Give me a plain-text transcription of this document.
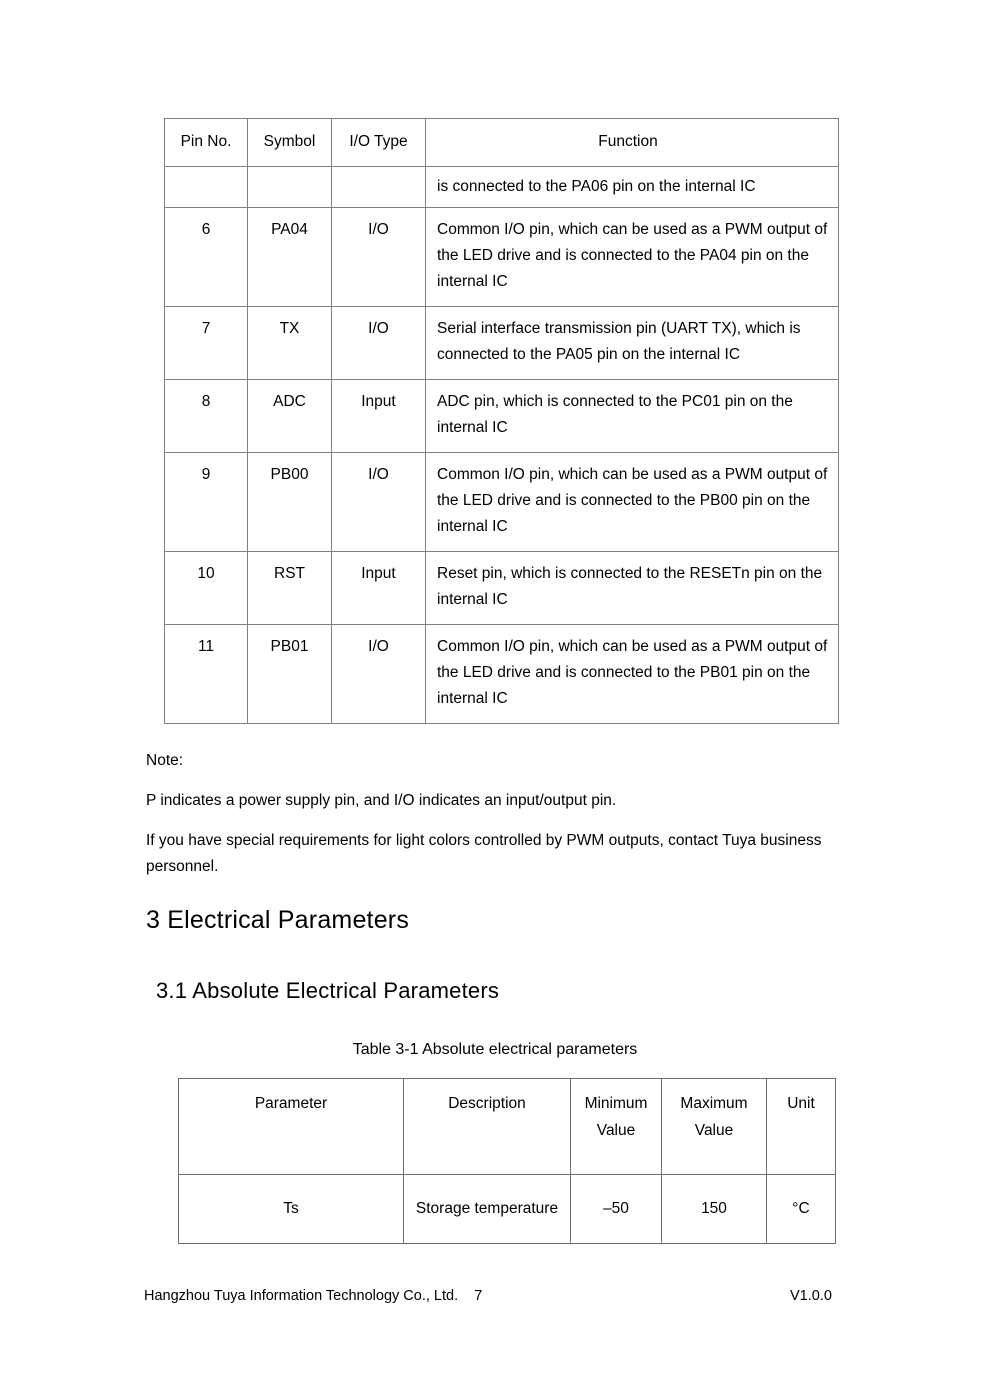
Pin No.	Symbol	I/O Type	Function
			is connected to the PA06 pin on the internal IC
6	PA04	I/O	Common I/O pin, which can be used as a PWM output of the LED drive and is connected to the PA04 pin on the internal IC
7	TX	I/O	Serial interface transmission pin (UART TX), which is connected to the PA05 pin on the internal IC
8	ADC	Input	ADC pin, which is connected to the PC01 pin on the internal IC
9	PB00	I/O	Common I/O pin, which can be used as a PWM output of the LED drive and is connected to the PB00 pin on the internal IC
10	RST	Input	Reset pin, which is connected to the RESETn pin on the internal IC
11	PB01	I/O	Common I/O pin, which can be used as a PWM output of the LED drive and is connected to the PB01 pin on the internal IC

Note:

P indicates a power supply pin, and I/O indicates an input/output pin.

If you have special requirements for light colors controlled by PWM outputs, contact Tuya business personnel.

3 Electrical Parameters
3.1 Absolute Electrical Parameters
Table 3-1 Absolute electrical parameters
Parameter	Description	Minimum Value	Maximum Value	Unit
Ts	Storage temperature	–50	150	°C
Hangzhou Tuya Information Technology Co., Ltd.    7	V1.0.0
